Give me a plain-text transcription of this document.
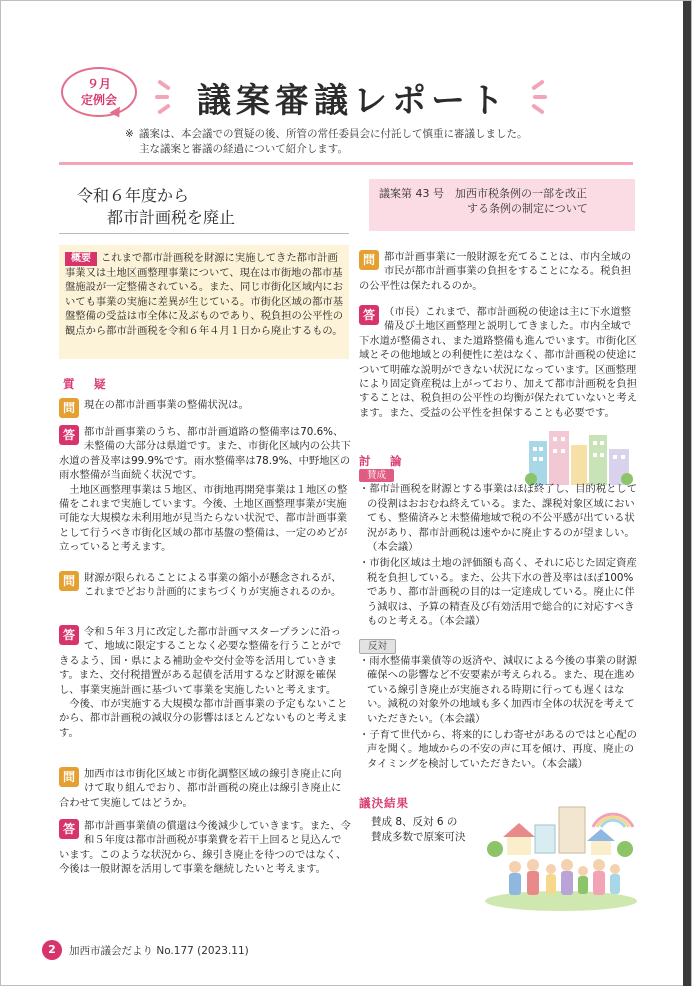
９月
定例会	議案審議レポート
※ 議案は、本会議での質疑の後、所管の常任委員会に付託して慎重に審議しました。
主な議案と審議の経過について紹介します。
令和６年度から
都市計画税を廃止
概要 これまで都市計画税を財源に実施してきた都市計画事業又は土地区画整理事業について、現在は市街地の都市基盤施設が一定整備されている。また、同じ市街化区域内においても事業の実施に差異が生じている。市街化区域の都市基盤整備の受益は市全体に及ぶものであり、税負担の公平性の観点から都市計画税を令和６年４月１日から廃止するもの。
質　疑
問 現在の都市計画事業の整備状況は。
答 都市計画事業のうち、都市計画道路の整備率は70.6%、未整備の大部分は県道です。また、市街化区域内の公共下水道の普及率は99.9%です。雨水整備率は78.9%、中野地区の雨水整備が当面続く状況です。
土地区画整理事業は５地区、市街地再開発事業は１地区の整備をこれまで実施しています。今後、土地区画整理事業が実施可能な大規模な未利用地が見当たらない状況で、都市計画事業として行うべき市街化区域の都市基盤の整備は、一定のめどが立っていると考えます。
問 財源が限られることによる事業の縮小が懸念されるが、これまでどおり計画的にまちづくりが実施されるのか。
答 令和５年３月に改定した都市計画マスタープランに沿って、地域に限定することなく必要な整備を行うことができるよう、国・県による補助金や交付金等を活用していきます。また、交付税措置がある起債を活用するなど財源を確保し、事業実施計画に基づいて事業を実施したいと考えます。
今後、市が実施する大規模な都市計画事業の予定もないことから、都市計画税の減収分の影響はほとんどないものと考えます。
問 加西市は市街化区域と市街化調整区域の線引き廃止に向けて取り組んでおり、都市計画税の廃止は線引き廃止に合わせて実施してはどうか。
答 都市計画事業債の償還は今後減少していきます。また、令和５年度は都市計画税が事業費を若干上回ると見込んでいます。このような状況から、線引き廃止を待つのではなく、今後は一般財源を活用して事業を継続したいと考えます。
議案第 43 号　加西市税条例の一部を改正
する条例の制定について
問 都市計画事業に一般財源を充てることは、市内全域の市民が都市計画事業の負担をすることになる。税負担の公平性は保たれるのか。
答 （市長）これまで、都市計画税の使途は主に下水道整備及び土地区画整理と説明してきました。市内全域で下水道が整備され、また道路整備も進んでいます。市街化区域とその他地域との利便性に差はなく、都市計画税の使途について明確な説明ができない状況になっています。区画整理により固定資産税は上がっており、加えて都市計画税を負担することは、税負担の公平性の均衡が保たれていないと考えます。また、受益の公平性を担保することも必要です。
討　論
賛成
・都市計画税を財源とする事業はほぼ終了し、目的税としての役割はおおむね終えている。また、課税対象区域においても、整備済みと未整備地域で税の不公平感が出ている状況があり、都市計画税は速やかに廃止するのが望ましい。（本会議）
・市街化区域は土地の評価額も高く、それに応じた固定資産税を負担している。また、公共下水の普及率はほぼ100%であり、都市計画税の目的は一定達成している。廃止に伴う減収は、予算の精査及び有効活用で総合的に対応すべきものと考える。（本会議）
反対
・雨水整備事業債等の返済や、減収による今後の事業の財源確保への影響など不安要素が考えられる。また、現在進めている線引き廃止が実施される時期に行っても遅くはない。減税の対象外の地域も多く加西市全体の状況を考えていただきたい。（本会議）
・子育て世代から、将来的にしわ寄せがあるのではと心配の声を聞く。地域からの不安の声に耳を傾け、再度、廃止のタイミングを検討していただきたい。（本会議）
議決結果
賛成 8、反対 6 の
賛成多数で原案可決
2	加西市議会だより No.177 (2023.11)
